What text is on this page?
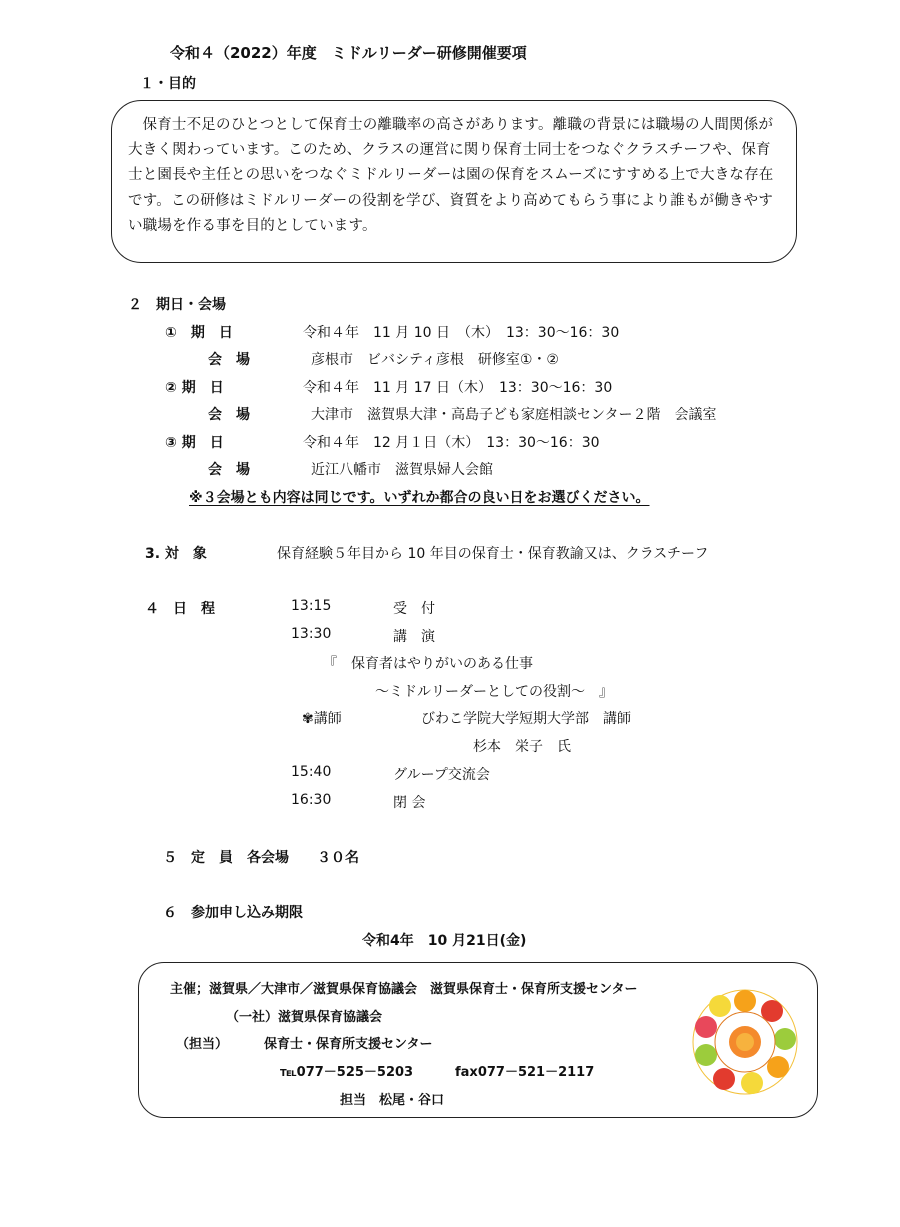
令和４（2022）年度　ミドルリーダー研修開催要項
１・目的
保育士不足のひとつとして保育士の離職率の高さがあります。離職の背景には職場の人間関係が大きく関わっています。このため、クラスの運営に関り保育士同士をつなぐクラスチーフや、保育士と園長や主任との思いをつなぐミドルリーダーは園の保育をスムーズにすすめる上で大きな存在です。この研修はミドルリーダーの役割を学び、資質をより高めてもらう事により誰もが働きやすい職場を作る事を目的としています。
２　期日・会場
①　期　日	令和４年　11 月 10 日　（木）　13：30～16：30
会　場	彦根市　ビバシティ彦根　研修室①・②
② 期　日	令和４年　11 月 17 日（木）　13：30～16：30
会　場	大津市　滋賀県大津・高島子ども家庭相談センター２階　会議室
③ 期　日	令和４年　12 月１日（木）　13：30～16：30
会　場	近江八幡市　滋賀県婦人会館
※３会場とも内容は同じです。いずれか都合の良い日をお選びください。
3. 対　象	保育経験５年目から 10 年目の保育士・保育教諭又は、クラスチーフ
４　日　程	13:15	受　付
13:30	講　演
『　保育者はやりがいのある仕事
～ミドルリーダーとしての役割～　』
✾講師	びわこ学院大学短期大学部　講師
杉本　栄子　氏
15:40	グループ交流会
16:30	閉 会
５　定　員　各会場　　３０名
６　参加申し込み期限
令和4年　10 月21日(金)
主催；滋賀県／大津市／滋賀県保育協議会　滋賀県保育士・保育所支援センター
（一社）滋賀県保育協議会
（担当）	保育士・保育所支援センター
℡077－525－5203	fax077－521－2117
担当　松尾・谷口
